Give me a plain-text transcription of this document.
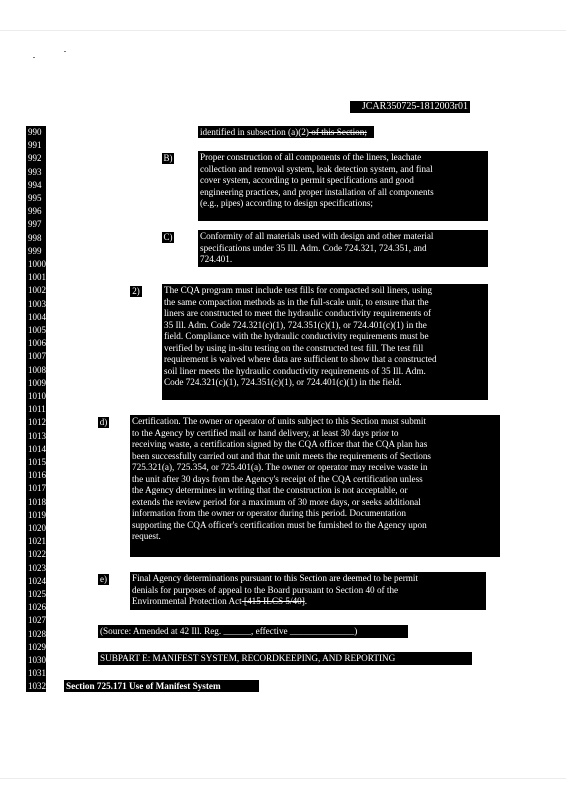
JCAR350725-1812003r01
990
991
992
993
994
995
996
997
998
999
1000
1001
1002
1003
1004
1005
1006
1007
1008
1009
1010
1011
1012
1013
1014
1015
1016
1017
1018
1019
1020
1021
1022
1023
1024
1025
1026
1027
1028
1029
1030
1031
1032
identified in subsection (a)(2) of this Section;
B)	Proper construction of all components of the liners, leachate
collection and removal system, leak detection system, and final
cover system, according to permit specifications and good
engineering practices, and proper installation of all components
(e.g., pipes) according to design specifications;
C)	Conformity of all materials used with design and other material
specifications under 35 Ill. Adm. Code 724.321, 724.351, and
724.401.
2)	The CQA program must include test fills for compacted soil liners, using
the same compaction methods as in the full-scale unit, to ensure that the
liners are constructed to meet the hydraulic conductivity requirements of
35 Ill. Adm. Code 724.321(c)(1), 724.351(c)(1), or 724.401(c)(1) in the
field. Compliance with the hydraulic conductivity requirements must be
verified by using in-situ testing on the constructed test fill. The test fill
requirement is waived where data are sufficient to show that a constructed
soil liner meets the hydraulic conductivity requirements of 35 Ill. Adm.
Code 724.321(c)(1), 724.351(c)(1), or 724.401(c)(1) in the field.
d)	Certification. The owner or operator of units subject to this Section must submit
to the Agency by certified mail or hand delivery, at least 30 days prior to
receiving waste, a certification signed by the CQA officer that the CQA plan has
been successfully carried out and that the unit meets the requirements of Sections
725.321(a), 725.354, or 725.401(a). The owner or operator may receive waste in
the unit after 30 days from the Agency's receipt of the CQA certification unless
the Agency determines in writing that the construction is not acceptable, or
extends the review period for a maximum of 30 more days, or seeks additional
information from the owner or operator during this period. Documentation
supporting the CQA officer's certification must be furnished to the Agency upon
request.
e)	Final Agency determinations pursuant to this Section are deemed to be permit
denials for purposes of appeal to the Board pursuant to Section 40 of the
Environmental Protection Act [415 ILCS 5/40].
(Source: Amended at 42 Ill. Reg. ______, effective ______________)
SUBPART E: MANIFEST SYSTEM, RECORDKEEPING, AND REPORTING
Section 725.171 Use of Manifest System
